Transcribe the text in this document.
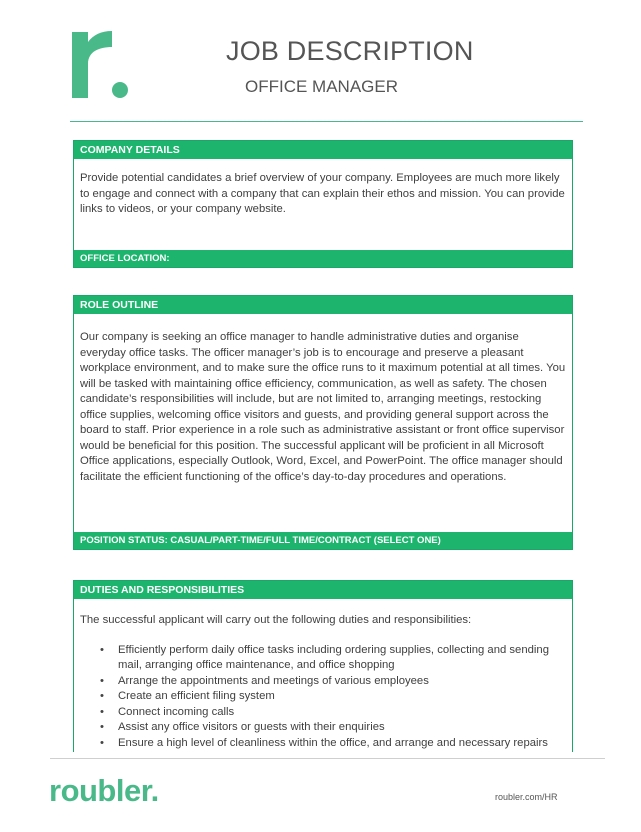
JOB DESCRIPTION
OFFICE MANAGER
COMPANY DETAILS
Provide potential candidates a brief overview of your company. Employees are much more likely to engage and connect with a company that can explain their ethos and mission. You can provide links to videos, or your company website.
OFFICE LOCATION:
ROLE OUTLINE
Our company is seeking an office manager to handle administrative duties and organise everyday office tasks. The officer manager’s job is to encourage and preserve a pleasant workplace environment, and to make sure the office runs to it maximum potential at all times. You will be tasked with maintaining office efficiency, communication, as well as safety. The chosen candidate’s responsibilities will include, but are not limited to, arranging meetings, restocking office supplies, welcoming office visitors and guests, and providing general support across the board to staff. Prior experience in a role such as administrative assistant or front office supervisor would be beneficial for this position. The successful applicant will be proficient in all Microsoft Office applications, especially Outlook, Word, Excel, and PowerPoint. The office manager should facilitate the efficient functioning of the office’s day-to-day procedures and operations.
POSITION STATUS: CASUAL/PART-TIME/FULL TIME/CONTRACT (SELECT ONE)
DUTIES AND RESPONSIBILITIES
The successful applicant will carry out the following duties and responsibilities:
• Efficiently perform daily office tasks including ordering supplies, collecting and sending mail, arranging office maintenance, and office shopping
• Arrange the appointments and meetings of various employees
• Create an efficient filing system
• Connect incoming calls
• Assist any office visitors or guests with their enquiries
• Ensure a high level of cleanliness within the office, and arrange and necessary repairs
roubler.	roubler.com/HR
